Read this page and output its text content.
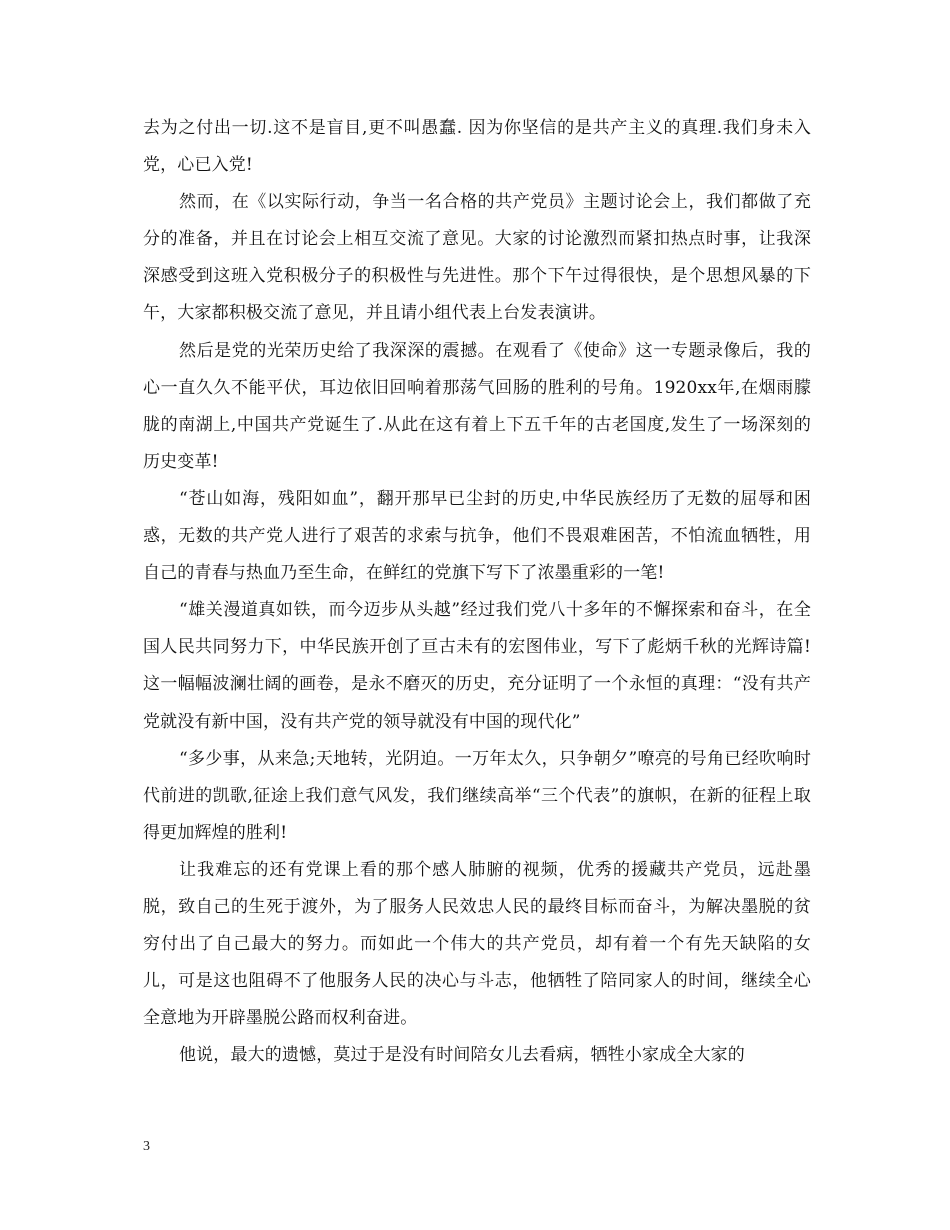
去为之付出一切.这不是盲目,更不叫愚蠢. 因为你坚信的是共产主义的真理.我们身未入党，心已入党!

然而，在《以实际行动，争当一名合格的共产党员》主题讨论会上，我们都做了充分的准备，并且在讨论会上相互交流了意见。大家的讨论激烈而紧扣热点时事，让我深深感受到这班入党积极分子的积极性与先进性。那个下午过得很快，是个思想风暴的下午，大家都积极交流了意见，并且请小组代表上台发表演讲。

然后是党的光荣历史给了我深深的震撼。在观看了《使命》这一专题录像后，我的心一直久久不能平伏，耳边依旧回响着那荡气回肠的胜利的号角。1920xx年,在烟雨朦胧的南湖上,中国共产党诞生了.从此在这有着上下五千年的古老国度,发生了一场深刻的历史变革!

“苍山如海，残阳如血”，翻开那早已尘封的历史,中华民族经历了无数的屈辱和困惑，无数的共产党人进行了艰苦的求索与抗争，他们不畏艰难困苦，不怕流血牺牲，用自己的青春与热血乃至生命，在鲜红的党旗下写下了浓墨重彩的一笔!

“雄关漫道真如铁，而今迈步从头越”经过我们党八十多年的不懈探索和奋斗，在全国人民共同努力下，中华民族开创了亘古未有的宏图伟业，写下了彪炳千秋的光辉诗篇!这一幅幅波澜壮阔的画卷，是永不磨灭的历史，充分证明了一个永恒的真理：“没有共产党就没有新中国，没有共产党的领导就没有中国的现代化”

“多少事，从来急;天地转，光阴迫。一万年太久，只争朝夕”嘹亮的号角已经吹响时代前进的凯歌,征途上我们意气风发，我们继续高举“三个代表”的旗帜，在新的征程上取得更加辉煌的胜利!

让我难忘的还有党课上看的那个感人肺腑的视频，优秀的援藏共产党员，远赴墨脱，致自己的生死于渡外，为了服务人民效忠人民的最终目标而奋斗，为解决墨脱的贫穷付出了自己最大的努力。而如此一个伟大的共产党员，却有着一个有先天缺陷的女儿，可是这也阻碍不了他服务人民的决心与斗志，他牺牲了陪同家人的时间，继续全心全意地为开辟墨脱公路而权利奋进。

他说，最大的遗憾，莫过于是没有时间陪女儿去看病，牺牲小家成全大家的

3
